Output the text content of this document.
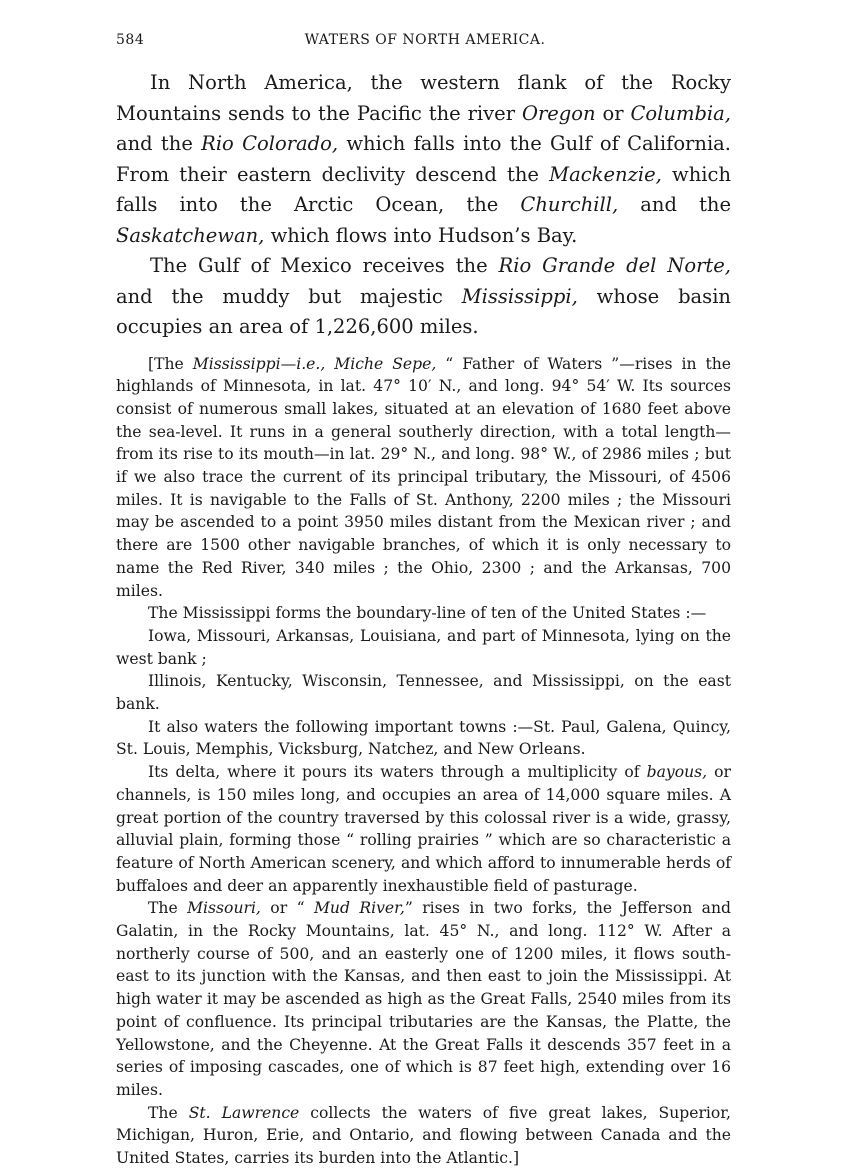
584	WATERS OF NORTH AMERICA.

In North America, the western flank of the Rocky Mountains sends to the Pacific the river Oregon or Columbia, and the Rio Colorado, which falls into the Gulf of California. From their eastern declivity descend the Mackenzie, which falls into the Arctic Ocean, the Churchill, and the Saskatchewan, which flows into Hudson’s Bay.

The Gulf of Mexico receives the Rio Grande del Norte, and the muddy but majestic Mississippi, whose basin occupies an area of 1,226,600 miles.

[The Mississippi—i.e., Miche Sepe, “ Father of Waters ”—rises in the highlands of Minnesota, in lat. 47° 10′ N., and long. 94° 54′ W. Its sources consist of numerous small lakes, situated at an elevation of 1680 feet above the sea-level. It runs in a general southerly direction, with a total length—from its rise to its mouth—in lat. 29° N., and long. 98° W., of 2986 miles ; but if we also trace the current of its principal tributary, the Missouri, of 4506 miles. It is navigable to the Falls of St. Anthony, 2200 miles ; the Missouri may be ascended to a point 3950 miles distant from the Mexican river ; and there are 1500 other navigable branches, of which it is only necessary to name the Red River, 340 miles ; the Ohio, 2300 ; and the Arkansas, 700 miles.

The Mississippi forms the boundary-line of ten of the United States :—

Iowa, Missouri, Arkansas, Louisiana, and part of Minnesota, lying on the west bank ;

Illinois, Kentucky, Wisconsin, Tennessee, and Mississippi, on the east bank.

It also waters the following important towns :—St. Paul, Galena, Quincy, St. Louis, Memphis, Vicksburg, Natchez, and New Orleans.

Its delta, where it pours its waters through a multiplicity of bayous, or channels, is 150 miles long, and occupies an area of 14,000 square miles. A great portion of the country traversed by this colossal river is a wide, grassy, alluvial plain, forming those “ rolling prairies ” which are so characteristic a feature of North American scenery, and which afford to innumerable herds of buffaloes and deer an apparently inexhaustible field of pasturage.

The Missouri, or “ Mud River,” rises in two forks, the Jefferson and Galatin, in the Rocky Mountains, lat. 45° N., and long. 112° W. After a northerly course of 500, and an easterly one of 1200 miles, it flows south-east to its junction with the Kansas, and then east to join the Mississippi. At high water it may be ascended as high as the Great Falls, 2540 miles from its point of confluence. Its principal tributaries are the Kansas, the Platte, the Yellowstone, and the Cheyenne. At the Great Falls it descends 357 feet in a series of imposing cascades, one of which is 87 feet high, extending over 16 miles.

The St. Lawrence collects the waters of five great lakes, Superior, Michigan, Huron, Erie, and Ontario, and flowing between Canada and the United States, carries its burden into the Atlantic.]
